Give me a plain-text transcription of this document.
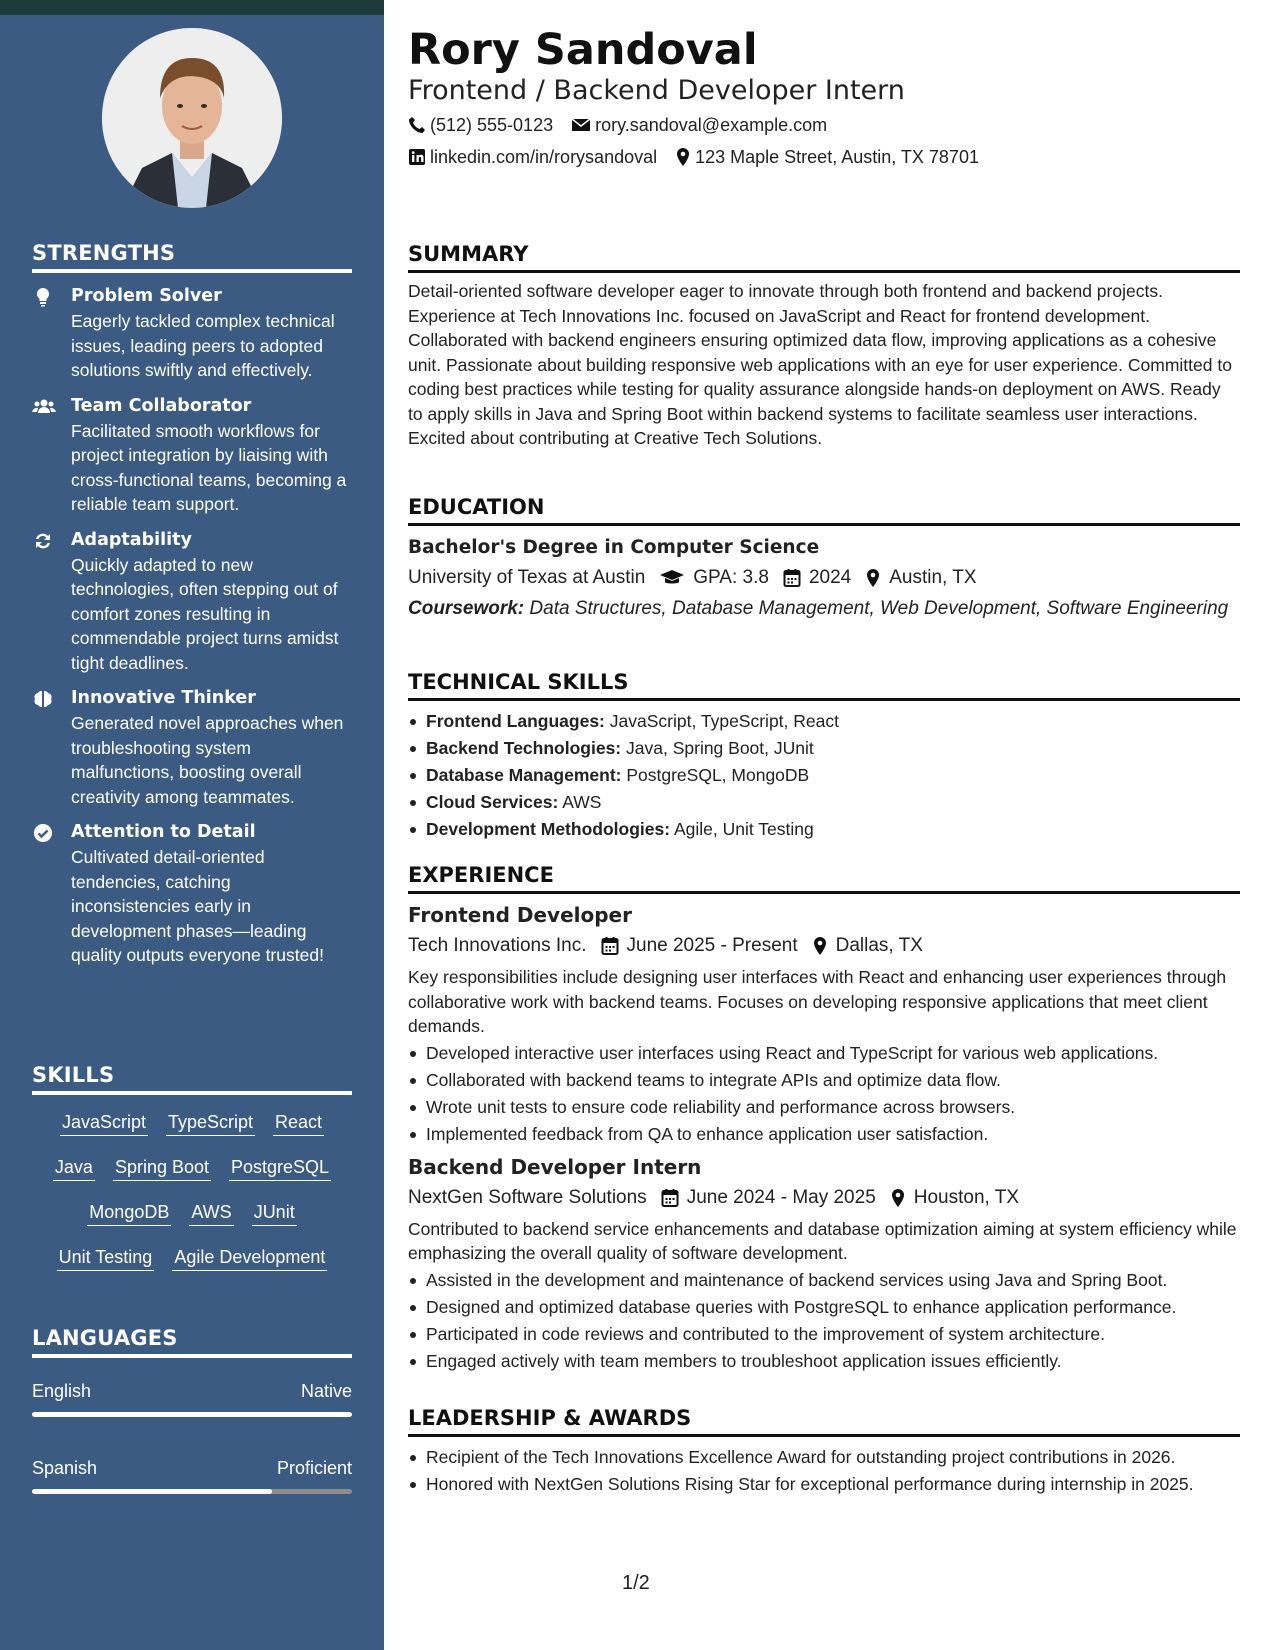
STRENGTHS
Problem Solver
Eagerly tackled complex technical issues, leading peers to adopted solutions swiftly and effectively.
Team Collaborator
Facilitated smooth workflows for project integration by liaising with cross-functional teams, becoming a reliable team support.
Adaptability
Quickly adapted to new technologies, often stepping out of comfort zones resulting in commendable project turns amidst tight deadlines.
Innovative Thinker
Generated novel approaches when troubleshooting system malfunctions, boosting overall creativity among teammates.
Attention to Detail
Cultivated detail-oriented tendencies, catching inconsistencies early in development phases—leading quality outputs everyone trusted!
SKILLS
JavaScript TypeScript React
Java Spring Boot PostgreSQL
MongoDB AWS JUnit
Unit Testing Agile Development
LANGUAGES
English	Native
Spanish	Proficient
Rory Sandoval
Frontend / Backend Developer Intern
(512) 555-0123 rory.sandoval@example.com
linkedin.com/in/rorysandoval 123 Maple Street, Austin, TX 78701
SUMMARY
Detail-oriented software developer eager to innovate through both frontend and backend projects. Experience at Tech Innovations Inc. focused on JavaScript and React for frontend development. Collaborated with backend engineers ensuring optimized data flow, improving applications as a cohesive unit. Passionate about building responsive web applications with an eye for user experience. Committed to coding best practices while testing for quality assurance alongside hands-on deployment on AWS. Ready to apply skills in Java and Spring Boot within backend systems to facilitate seamless user interactions. Excited about contributing at Creative Tech Solutions.
EDUCATION
Bachelor's Degree in Computer Science
University of Texas at Austin	GPA: 3.8 2024 Austin, TX
Coursework: Data Structures, Database Management, Web Development, Software Engineering
TECHNICAL SKILLS
Frontend Languages: JavaScript, TypeScript, React
Backend Technologies: Java, Spring Boot, JUnit
Database Management: PostgreSQL, MongoDB
Cloud Services: AWS
Development Methodologies: Agile, Unit Testing
EXPERIENCE
Frontend Developer
Tech Innovations Inc. June 2025 - Present Dallas, TX
Key responsibilities include designing user interfaces with React and enhancing user experiences through collaborative work with backend teams. Focuses on developing responsive applications that meet client demands.
Developed interactive user interfaces using React and TypeScript for various web applications.
Collaborated with backend teams to integrate APIs and optimize data flow.
Wrote unit tests to ensure code reliability and performance across browsers.
Implemented feedback from QA to enhance application user satisfaction.
Backend Developer Intern
NextGen Software Solutions June 2024 - May 2025 Houston, TX
Contributed to backend service enhancements and database optimization aiming at system efficiency while emphasizing the overall quality of software development.
Assisted in the development and maintenance of backend services using Java and Spring Boot.
Designed and optimized database queries with PostgreSQL to enhance application performance.
Participated in code reviews and contributed to the improvement of system architecture.
Engaged actively with team members to troubleshoot application issues efficiently.
LEADERSHIP & AWARDS
Recipient of the Tech Innovations Excellence Award for outstanding project contributions in 2026.
Honored with NextGen Solutions Rising Star for exceptional performance during internship in 2025.
1/2
